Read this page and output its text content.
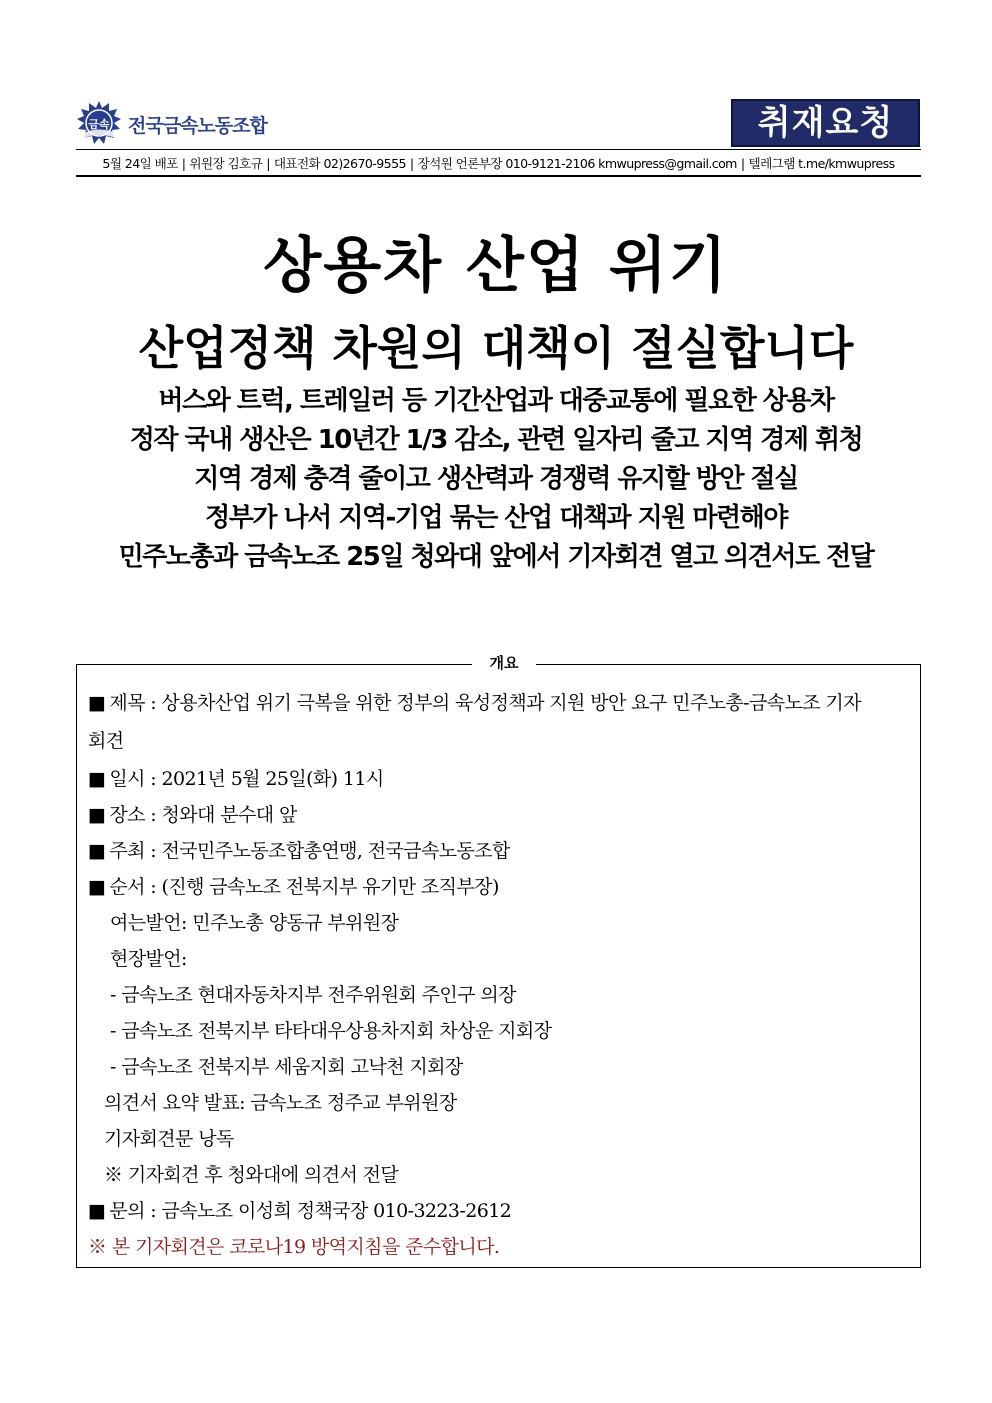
금속 전국금속노동조합	취재요청
5월 24일 배포 | 위원장 김호규 | 대표전화 02)2670-9555 | 장석원 언론부장 010-9121-2106 kmwupress@gmail.com | 텔레그램 t.me/kmwupress
상용차 산업 위기
산업정책 차원의 대책이 절실합니다
버스와 트럭, 트레일러 등 기간산업과 대중교통에 필요한 상용차
정작 국내 생산은 10년간 1/3 감소, 관련 일자리 줄고 지역 경제 휘청
지역 경제 충격 줄이고 생산력과 경쟁력 유지할 방안 절실
정부가 나서 지역-기업 묶는 산업 대책과 지원 마련해야
민주노총과 금속노조 25일 청와대 앞에서 기자회견 열고 의견서도 전달
개요
■ 제목 : 상용차산업 위기 극복을 위한 정부의 육성정책과 지원 방안 요구 민주노총-금속노조 기자
회견
■ 일시 : 2021년 5월 25일(화) 11시
■ 장소 : 청와대 분수대 앞
■ 주최 : 전국민주노동조합총연맹, 전국금속노동조합
■ 순서 : (진행 금속노조 전북지부 유기만 조직부장)
여는발언: 민주노총 양동규 부위원장
현장발언:
- 금속노조 현대자동차지부 전주위원회 주인구 의장
- 금속노조 전북지부 타타대우상용차지회 차상운 지회장
- 금속노조 전북지부 세움지회 고낙천 지회장
의견서 요약 발표: 금속노조 정주교 부위원장
기자회견문 낭독
※ 기자회견 후 청와대에 의견서 전달
■ 문의 : 금속노조 이성희 정책국장 010-3223-2612
※ 본 기자회견은 코로나19 방역지침을 준수합니다.
